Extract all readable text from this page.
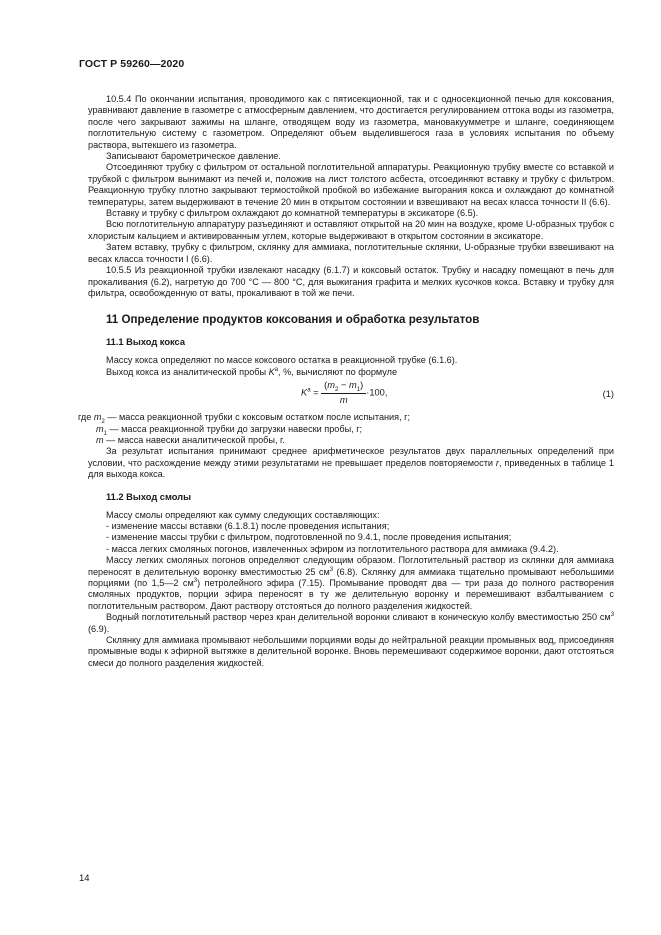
ГОСТ Р 59260—2020

10.5.4 По окончании испытания, проводимого как с пятисекционной, так и с односекционной печью для коксования, уравнивают давление в газометре с атмосферным давлением, что достигается регулированием оттока воды из газометра, после чего закрывают зажимы на шланге, отводящем воду из газометра, мановакуумметре и шланге, соединяющем поглотительную систему с газометром. Определяют объем выделившегося газа в условиях испытания по объему раствора, вытекшего из газометра.

Записывают барометрическое давление.

Отсоединяют трубку с фильтром от остальной поглотительной аппаратуры. Реакционную трубку вместе со вставкой и трубкой с фильтром вынимают из печей и, положив на лист толстого асбеста, отсоединяют вставку и трубку с фильтром. Реакционную трубку плотно закрывают термостойкой пробкой во избежание выгорания кокса и охлаждают до комнатной температуры, затем выдерживают в течение 20 мин в открытом состоянии и взвешивают на весах класса точности II (6.6).

Вставку и трубку с фильтром охлаждают до комнатной температуры в эксикаторе (6.5).

Всю поглотительную аппаратуру разъединяют и оставляют открытой на 20 мин на воздухе, кроме U-образных трубок с хлористым кальцием и активированным углем, которые выдерживают в открытом состоянии в эксикаторе.

Затем вставку, трубку с фильтром, склянку для аммиака, поглотительные склянки, U-образные трубки взвешивают на весах класса точности I (6.6).

10.5.5 Из реакционной трубки извлекают насадку (6.1.7) и коксовый остаток. Трубку и насадку помещают в печь для прокаливания (6.2), нагретую до 700 °С — 800 °С, для выжигания графита и мелких кусочков кокса. Вставку и трубку для фильтра, освобожденную от ваты, прокаливают в той же печи.

11 Определение продуктов коксования и обработка результатов
11.1 Выход кокса

Массу кокса определяют по массе коксового остатка в реакционной трубке (6.1.6).

Выход кокса из аналитической пробы $K^a$, %, вычисляют по формуле

$K^a = \frac{(m_2 - m_1)}{m} \cdot 100$,	(1)

где $m_2$ — масса реакционной трубки с коксовым остатком после испытания, г;

$m_1$ — масса реакционной трубки до загрузки навески пробы, г;

m — масса навески аналитической пробы, г.

За результат испытания принимают среднее арифметическое результатов двух параллельных определений при условии, что расхождение между этими результатами не превышает пределов повторяемости r, приведенных в таблице 1 для выхода кокса.

11.2 Выход смолы

Массу смолы определяют как сумму следующих составляющих:

- изменение массы вставки (6.1.8.1) после проведения испытания;

- изменение массы трубки с фильтром, подготовленной по 9.4.1, после проведения испытания;

- масса легких смоляных погонов, извлеченных эфиром из поглотительного раствора для аммиака (9.4.2).

Массу легких смоляных погонов определяют следующим образом. Поглотительный раствор из склянки для аммиака переносят в делительную воронку вместимостью 25 $см^3$ (6.8). Склянку для аммиака тщательно промывают небольшими порциями (по 1,5—2 $см^3$) петролейного эфира (7.15). Промывание проводят два — три раза до полного растворения смоляных продуктов, порции эфира переносят в ту же делительную воронку и перемешивают взбалтыванием с поглотительным раствором. Дают раствору отстояться до полного разделения жидкостей.

Водный поглотительный раствор через кран делительной воронки сливают в коническую колбу вместимостью 250 $см^3$ (6.9).

Склянку для аммиака промывают небольшими порциями воды до нейтральной реакции промывных вод, присоединяя промывные воды к эфирной вытяжке в делительной воронке. Вновь перемешивают содержимое воронки, дают отстояться смеси до полного разделения жидкостей.

14
